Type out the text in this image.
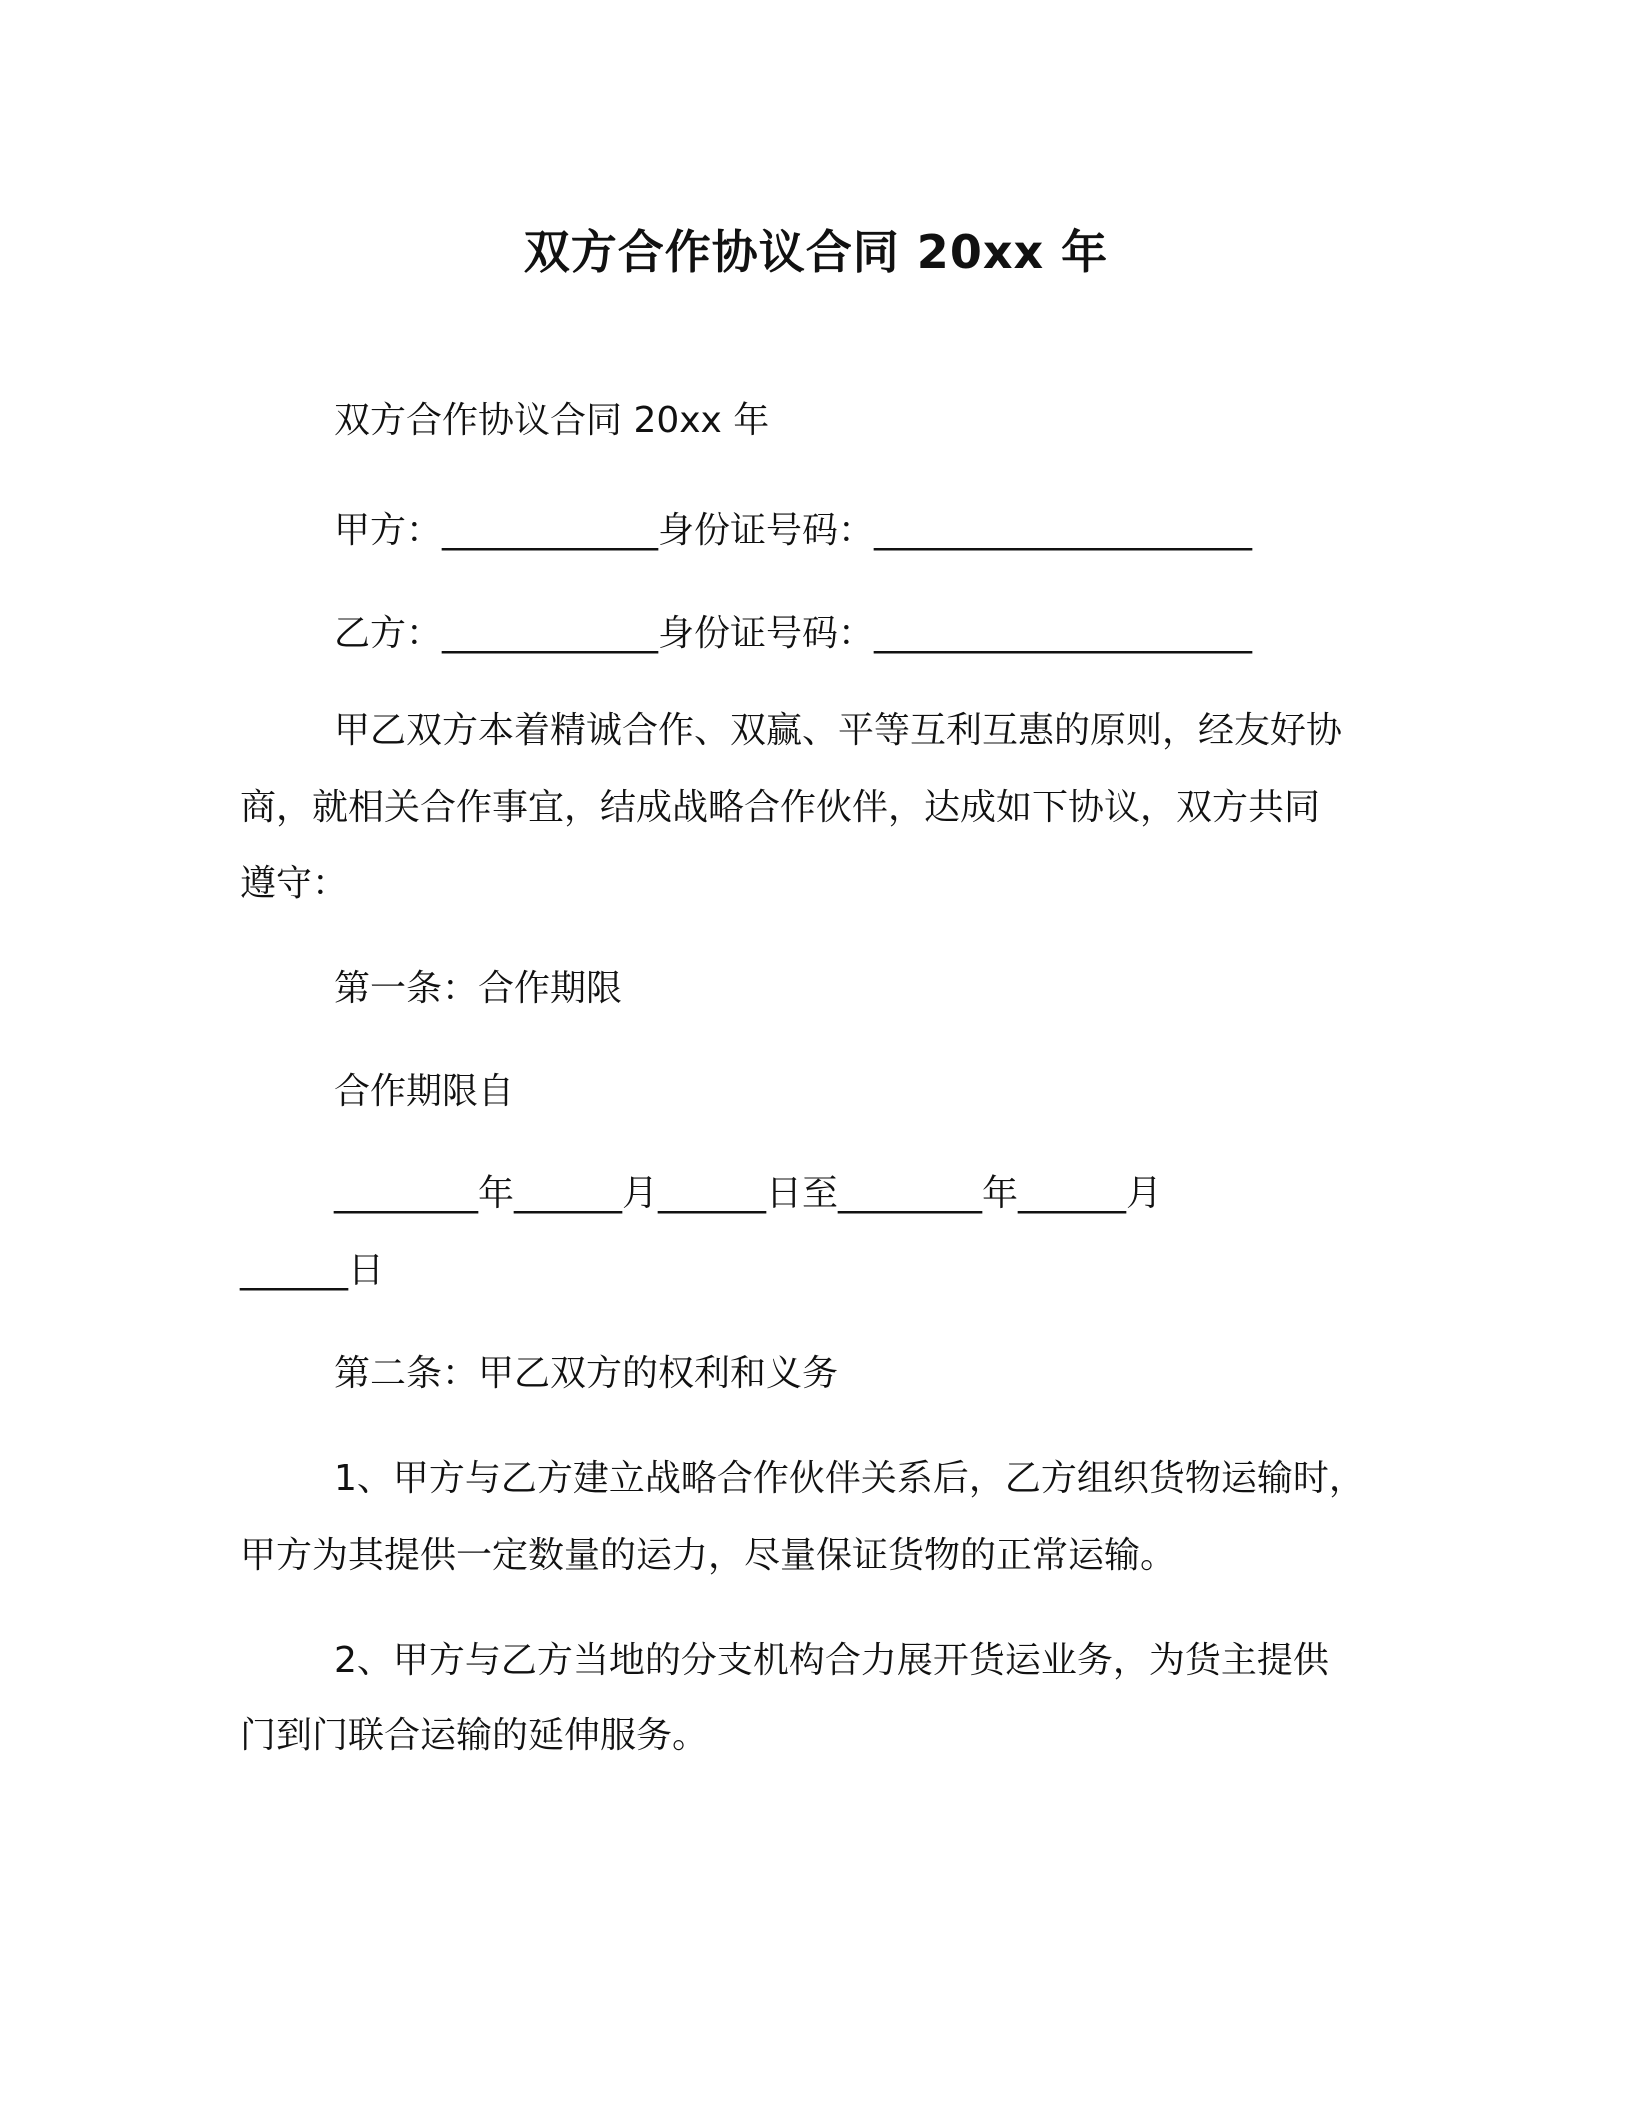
双方合作协议合同 20xx 年
双方合作协议合同 20xx 年
甲方：____________身份证号码：_____________________
乙方：____________身份证号码：_____________________
甲乙双方本着精诚合作、双赢、平等互利互惠的原则，经友好协
商，就相关合作事宜，结成战略合作伙伴，达成如下协议，双方共同
遵守：
第一条：合作期限
合作期限自
________年______月______日至________年______月
______日
第二条：甲乙双方的权利和义务
1、甲方与乙方建立战略合作伙伴关系后，乙方组织货物运输时，
甲方为其提供一定数量的运力，尽量保证货物的正常运输。
2、甲方与乙方当地的分支机构合力展开货运业务，为货主提供
门到门联合运输的延伸服务。
